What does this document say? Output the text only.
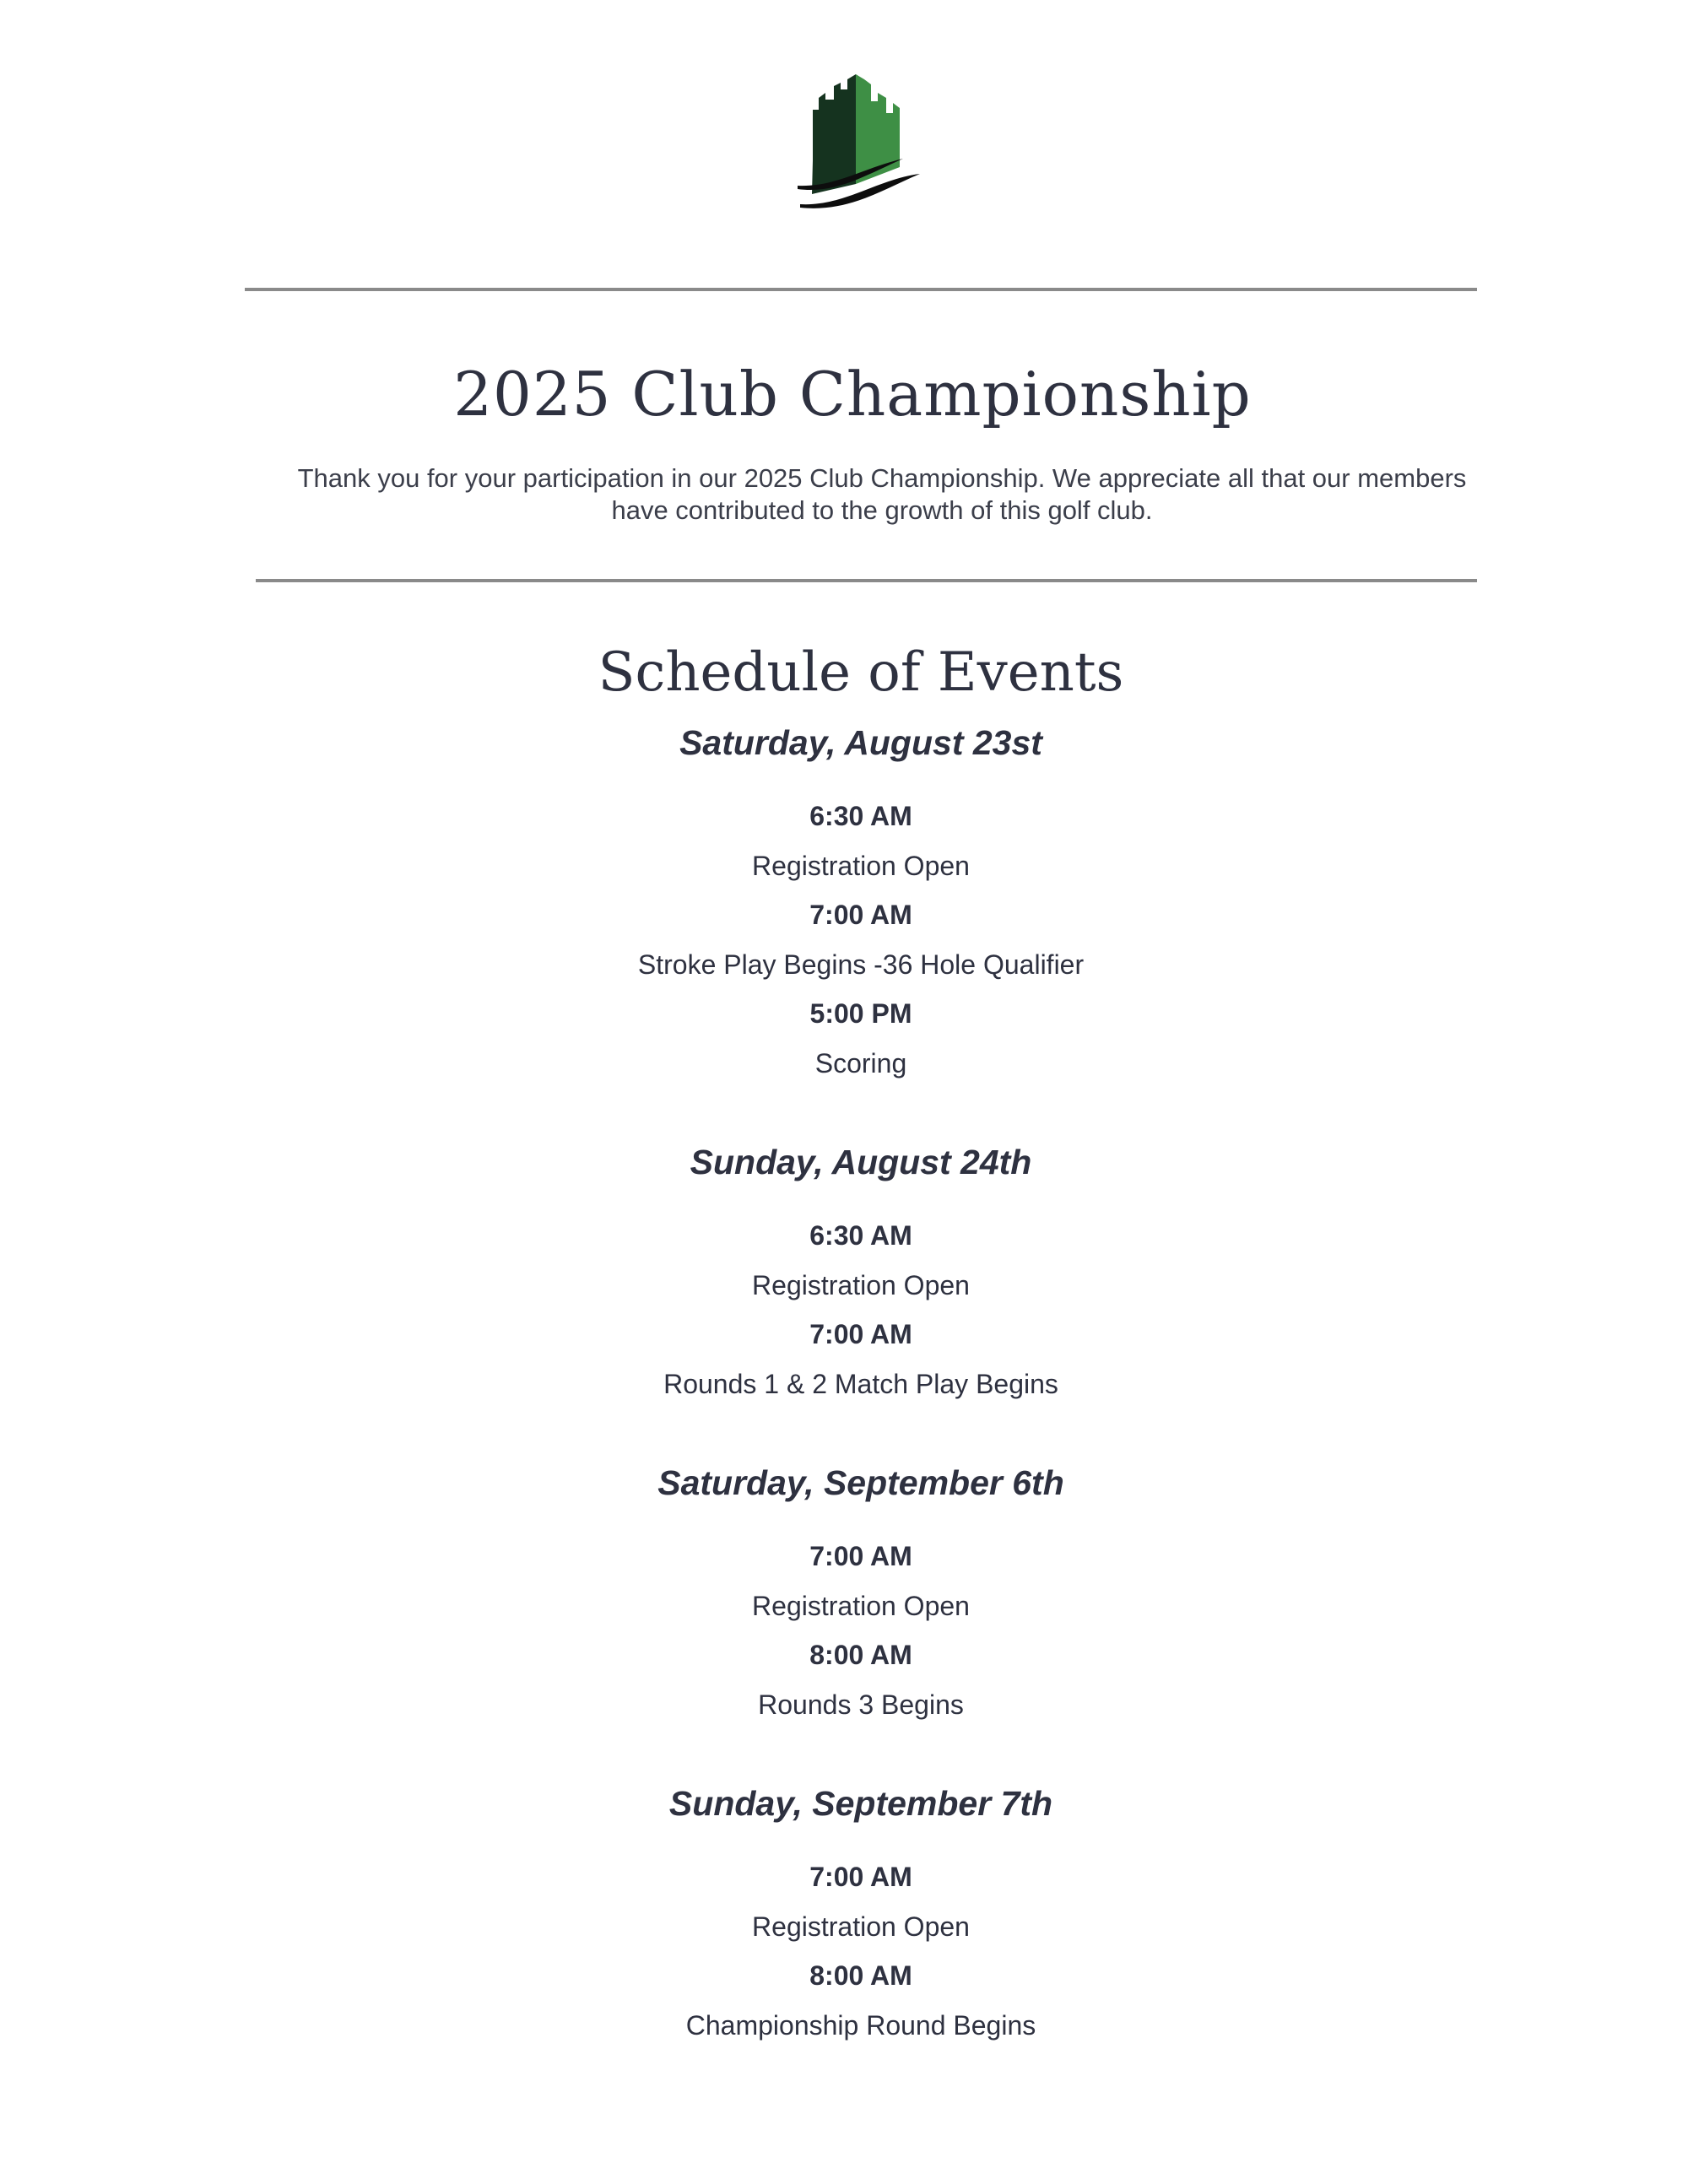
2025 Club Championship

Thank you for your participation in our 2025 Club Championship. We appreciate all that our members have contributed to the growth of this golf club.

Schedule of Events
Saturday, August 23st
6:30 AM
Registration Open
7:00 AM
Stroke Play Begins -36 Hole Qualifier
5:00 PM
Scoring
Sunday, August 24th
6:30 AM
Registration Open
7:00 AM
Rounds 1 & 2 Match Play Begins
Saturday, September 6th
7:00 AM
Registration Open
8:00 AM
Rounds 3 Begins
Sunday, September 7th
7:00 AM
Registration Open
8:00 AM
Championship Round Begins
